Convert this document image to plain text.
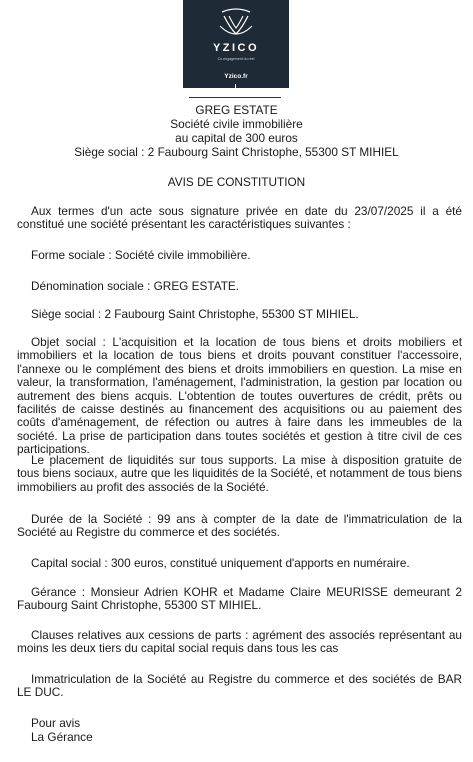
YZICO
Co-engagement du réel
Yzico.fr
GREG ESTATE
Société civile immobilière
au capital de 300 euros
Siège social : 2 Faubourg Saint Christophe, 55300 ST MIHIEL
AVIS DE CONSTITUTION

Aux termes d'un acte sous signature privée en date du 23/07/2025 il a été constitué une société présentant les caractéristiques suivantes :

Forme sociale : Société civile immobilière.
Dénomination sociale : GREG ESTATE.
Siège social : 2 Faubourg Saint Christophe, 55300 ST MIHIEL.

Objet social : L'acquisition et la location de tous biens et droits mobiliers et immobiliers et la location de tous biens et droits pouvant constituer l'accessoire, l'annexe ou le complément des biens et droits immobiliers en question. La mise en valeur, la transformation, l'aménagement, l'administration, la gestion par location ou autrement des biens acquis. L'obtention de toutes ouvertures de crédit, prêts ou facilités de caisse destinés au financement des acquisitions ou au paiement des coûts d'aménagement, de réfection ou autres à faire dans les immeubles de la société. La prise de participation dans toutes sociétés et gestion à titre civil de ces participations.

Le placement de liquidités sur tous supports. La mise à disposition gratuite de tous biens sociaux, autre que les liquidités de la Société, et notamment de tous biens immobiliers au profit des associés de la Société.

Durée de la Société : 99 ans à compter de la date de l'immatriculation de la Société au Registre du commerce et des sociétés.

Capital social : 300 euros, constitué uniquement d'apports en numéraire.

Gérance : Monsieur Adrien KOHR et Madame Claire MEURISSE demeurant 2 Faubourg Saint Christophe, 55300 ST MIHIEL.

Clauses relatives aux cessions de parts : agrément des associés représentant au moins les deux tiers du capital social requis dans tous les cas

Immatriculation de la Société au Registre du commerce et des sociétés de BAR LE DUC.

Pour avis
La Gérance
